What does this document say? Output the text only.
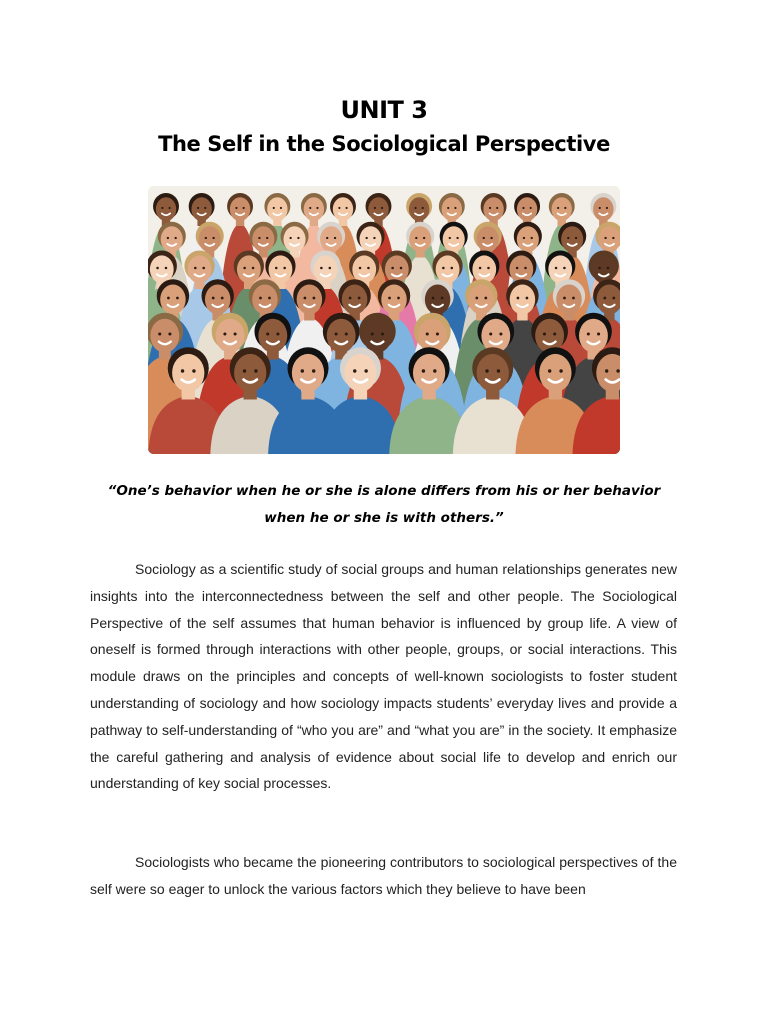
UNIT 3
The Self in the Sociological Perspective

“One’s behavior when he or she is alone differs from his or her behavior when he or she is with others.”

Sociology as a scientific study of social groups and human relationships generates new insights into the interconnectedness between the self and other people. The Sociological Perspective of the self assumes that human behavior is influenced by group life. A view of oneself is formed through interactions with other people, groups, or social interactions. This module draws on the principles and concepts of well-known sociologists to foster student understanding of sociology and how sociology impacts students’ everyday lives and provide a pathway to self-understanding of “who you are” and “what you are” in the society. It emphasize the careful gathering and analysis of evidence about social life to develop and enrich our understanding of key social processes.

Sociologists who became the pioneering contributors to sociological perspectives of the self were so eager to unlock the various factors which they believe to have been
